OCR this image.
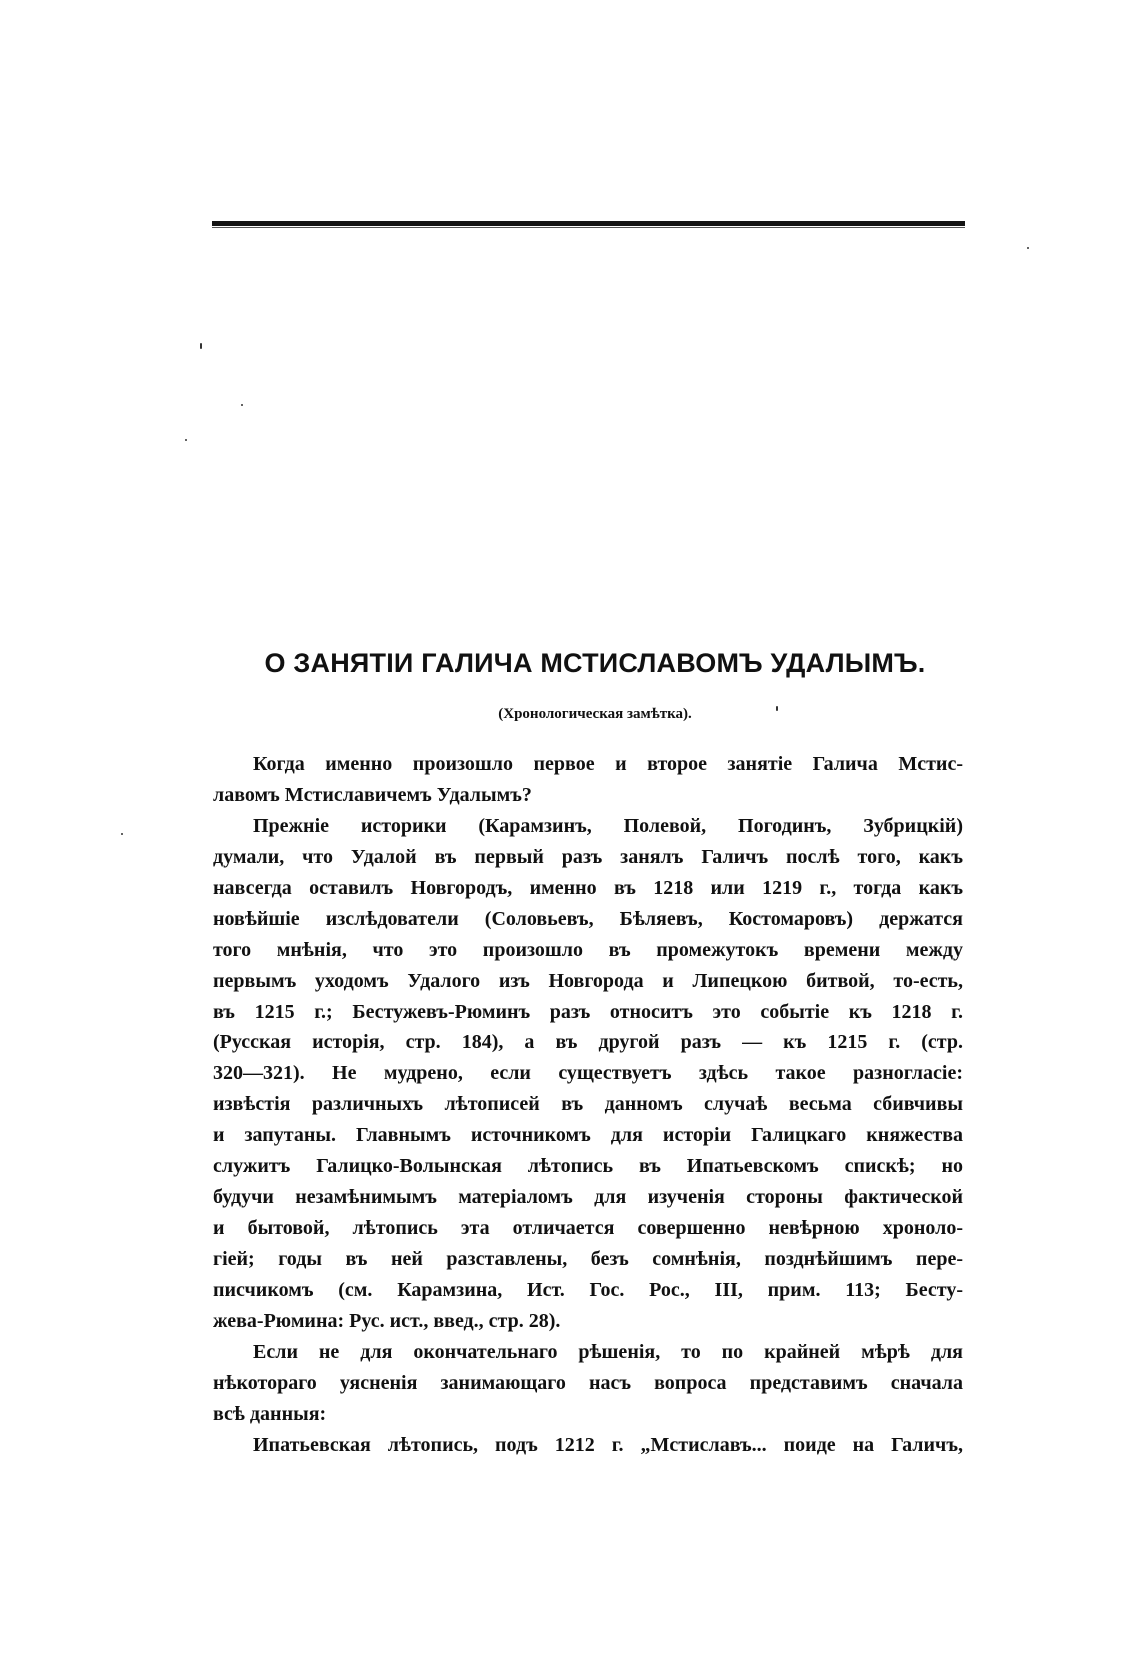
О ЗАНЯТІИ ГАЛИЧА МСТИСЛАВОМЪ УДАЛЫМЪ.

(Хронологическая замѣтка).

Когда именно произошло первое и второе занятіе Галича Мстис-
лавомъ Мстиславичемъ Удалымъ?
Прежніе историки (Карамзинъ, Полевой, Погодинъ, Зубрицкій)
думали, что Удалой въ первый разъ занялъ Галичъ послѣ того, какъ
навсегда оставилъ Новгородъ, именно въ 1218 или 1219 г., тогда какъ
новѣйшіе изслѣдователи (Соловьевъ, Бѣляевъ, Костомаровъ) держатся
того мнѣнія, что это произошло въ промежутокъ времени между
первымъ уходомъ Удалого изъ Новгорода и Липецкою битвой, то-есть,
въ 1215 г.; Бестужевъ-Рюминъ разъ относитъ это событіе къ 1218 г.
(Русская исторія, стр. 184), а въ другой разъ — къ 1215 г. (стр.
320—321). Не мудрено, если существуетъ здѣсь такое разногласіе:
извѣстія различныхъ лѣтописей въ данномъ случаѣ весьма сбивчивы
и запутаны. Главнымъ источникомъ для исторіи Галицкаго княжества
служитъ Галицко-Волынская лѣтопись въ Ипатьевскомъ спискѣ; но
будучи незамѣнимымъ матеріаломъ для изученія стороны фактической
и бытовой, лѣтопись эта отличается совершенно невѣрною хроноло-
гіей; годы въ ней разставлены, безъ сомнѣнія, позднѣйшимъ пере-
писчикомъ (см. Карамзина, Ист. Гос. Рос., III, прим. 113; Бесту-
жева-Рюмина: Рус. ист., введ., стр. 28).
Если не для окончательнаго рѣшенія, то по крайней мѣрѣ для
нѣкотораго уясненія занимающаго насъ вопроса представимъ сначала
всѣ данныя:
Ипатьевская лѣтопись, подъ 1212 г. „Мстиславъ... поиде на Галичъ,
